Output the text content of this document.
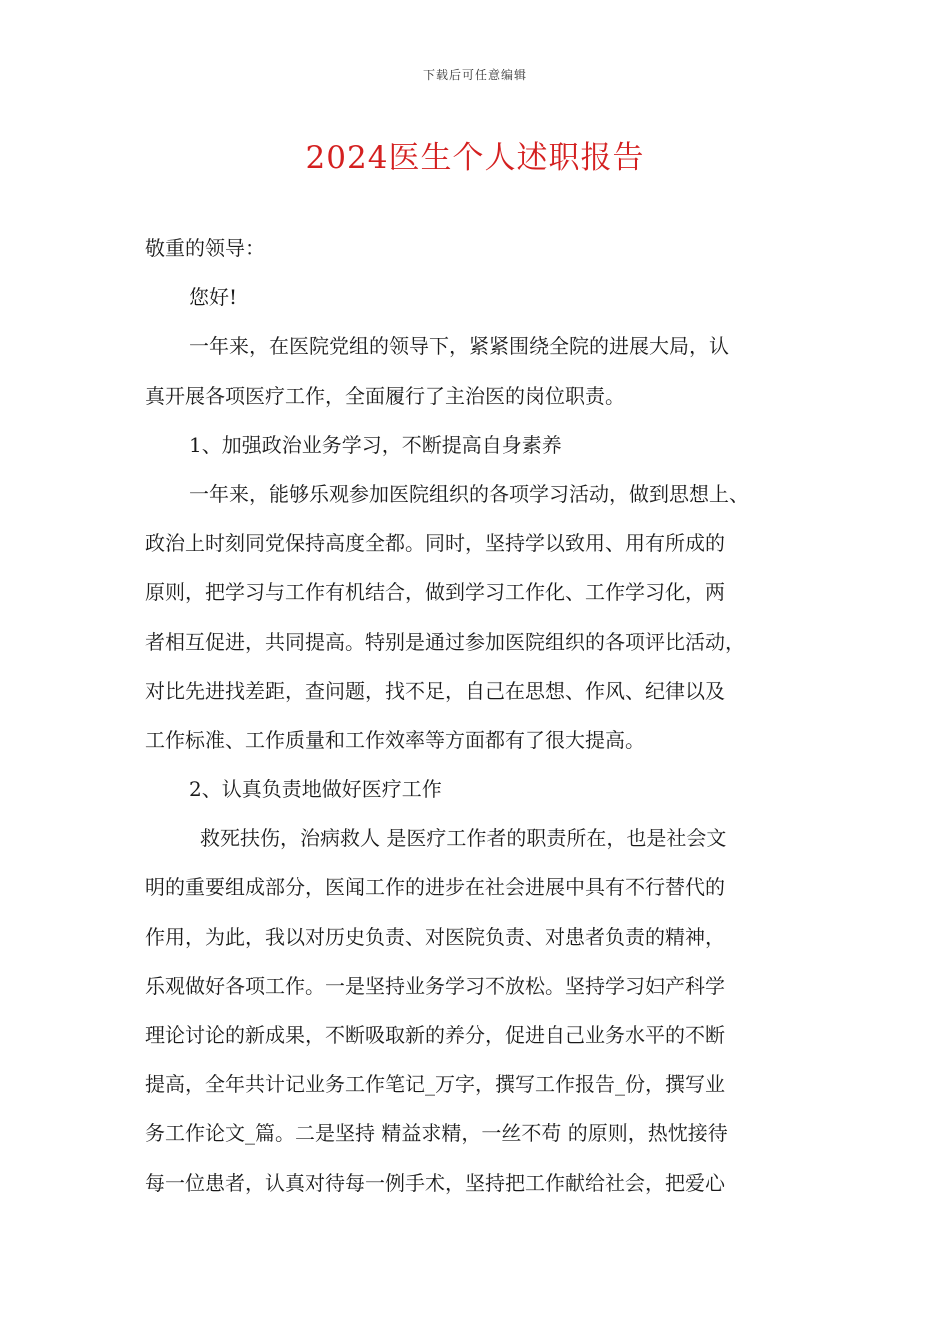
下载后可任意编辑
2024医生个人述职报告
敬重的领导：
您好!
一年来，在医院党组的领导下，紧紧围绕全院的进展大局，认
真开展各项医疗工作，全面履行了主治医的岗位职责。
1、加强政治业务学习，不断提高自身素养
一年来，能够乐观参加医院组织的各项学习活动，做到思想上、
政治上时刻同党保持高度全都。同时，坚持学以致用、用有所成的
原则，把学习与工作有机结合，做到学习工作化、工作学习化，两
者相互促进，共同提高。特别是通过参加医院组织的各项评比活动，
对比先进找差距，查问题，找不足，自己在思想、作风、纪律以及
工作标准、工作质量和工作效率等方面都有了很大提高。
2、认真负责地做好医疗工作
救死扶伤，治病救人 是医疗工作者的职责所在，也是社会文
明的重要组成部分，医闻工作的进步在社会进展中具有不行替代的
作用，为此，我以对历史负责、对医院负责、对患者负责的精神，
乐观做好各项工作。一是坚持业务学习不放松。坚持学习妇产科学
理论讨论的新成果，不断吸取新的养分，促进自己业务水平的不断
提高，全年共计记业务工作笔记_万字，撰写工作报告_份，撰写业
务工作论文_篇。二是坚持 精益求精，一丝不苟 的原则，热忱接待
每一位患者，认真对待每一例手术，坚持把工作献给社会，把爱心
